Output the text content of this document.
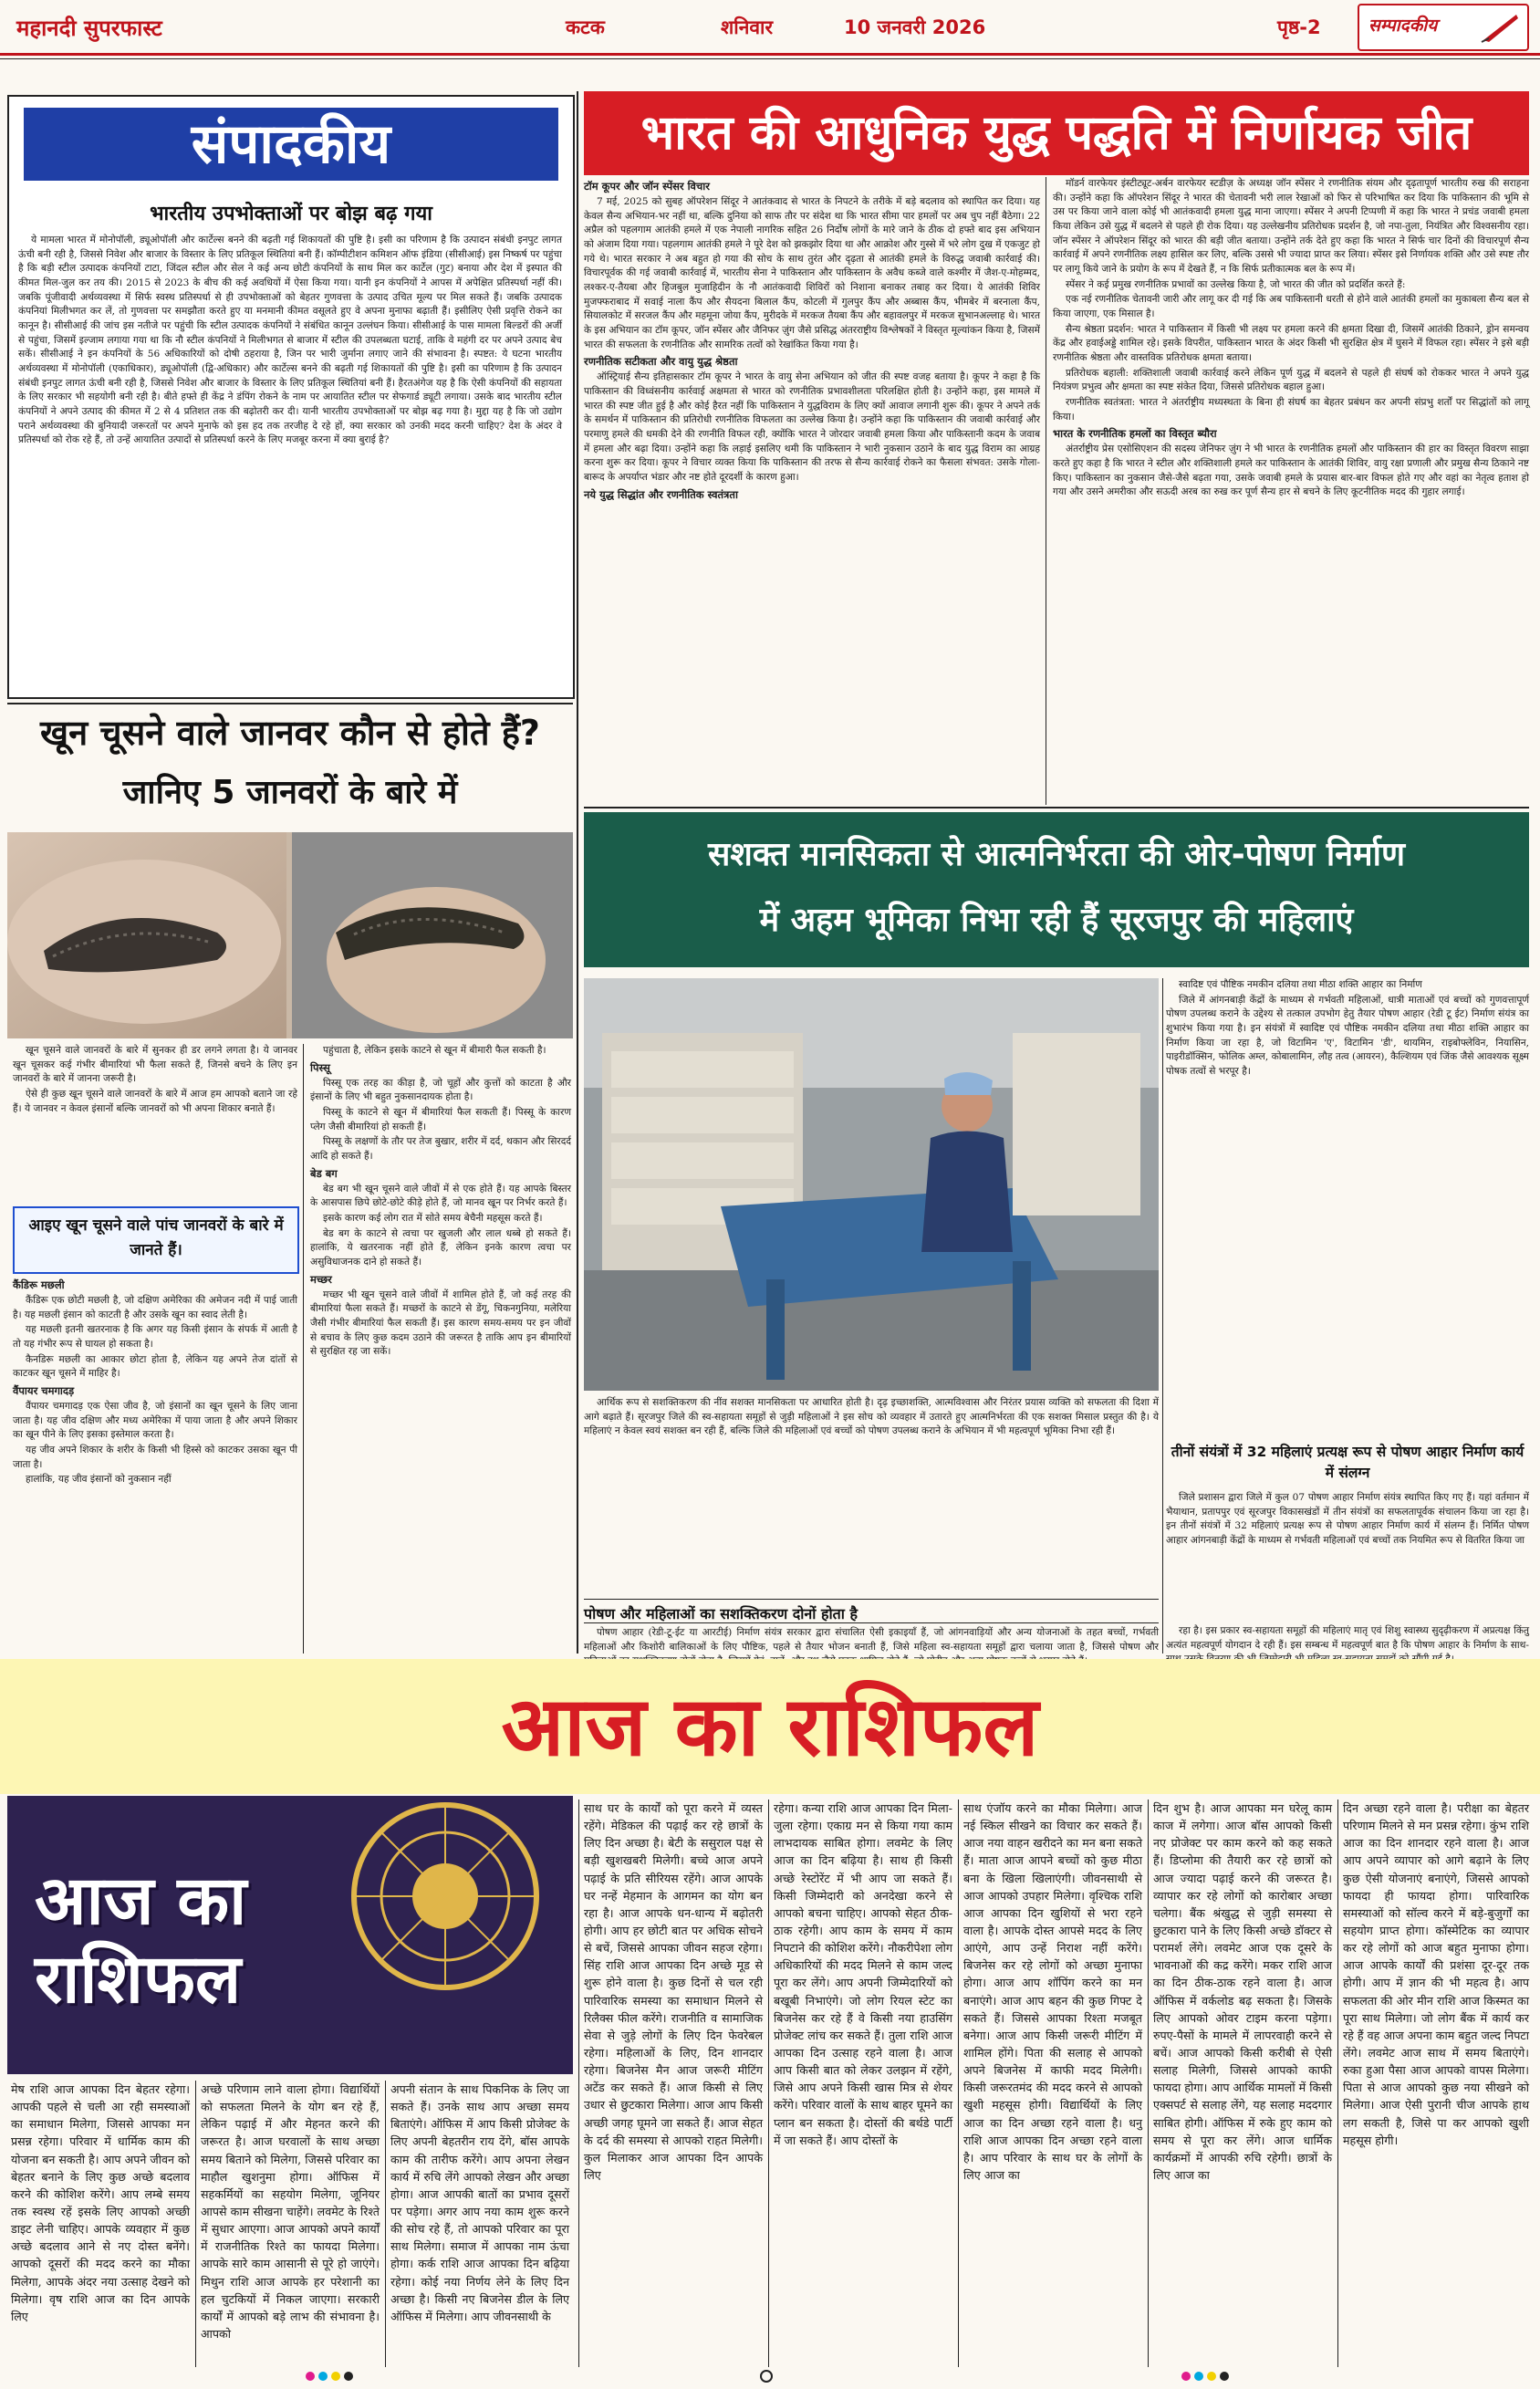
महानदी सुपरफास्ट	कटक	शनिवार	10 जनवरी 2026	पृष्ठ-2	सम्पादकीय
संपादकीय
भारतीय उपभोक्ताओं पर बोझ बढ़ गया

ये मामला भारत में मोनोपॉली, ड्यूओपॉली और कार्टेल्स बनने की बढ़ती गई शिकायतों की पुष्टि है। इसी का परिणाम है कि उत्पादन संबंधी इनपुट लागत ऊंची बनी रही है, जिससे निवेश और बाजार के विस्तार के लिए प्रतिकूल स्थितियां बनी हैं। कॉम्पीटीशन कमिशन ऑफ इंडिया (सीसीआई) इस निष्कर्ष पर पहुंचा है कि बड़ी स्टील उत्पादक कंपनियों टाटा, जिंदल स्टील और सेल ने कई अन्य छोटी कंपनियों के साथ मिल कर कार्टेल (गुट) बनाया और देश में इस्पात की कीमत मिल-जुल कर तय की। 2015 से 2023 के बीच की कई अवधियों में ऐसा किया गया। यानी इन कंपनियों ने आपस में अपेक्षित प्रतिस्पर्धा नहीं की। जबकि पूंजीवादी अर्थव्यवस्था में सिर्फ स्वस्थ प्रतिस्पर्धा से ही उपभोक्ताओं को बेहतर गुणवत्ता के उत्पाद उचित मूल्य पर मिल सकते हैं। जबकि उत्पादक कंपनियां मिलीभगत कर लें, तो गुणवत्ता पर समझौता करते हुए या मनमानी कीमत वसूलते हुए वे अपना मुनाफा बढ़ाती हैं। इसीलिए ऐसी प्रवृत्ति रोकने का कानून है। सीसीआई की जांच इस नतीजे पर पहुंची कि स्टील उत्पादक कंपनियों ने संबंधित कानून उल्लंघन किया। सीसीआई के पास मामला बिल्डरों की अर्जी से पहुंचा, जिसमें इल्जाम लगाया गया था कि नौ स्टील कंपनियों ने मिलीभगत से बाजार में स्टील की उपलब्धता घटाई, ताकि वे महंगी दर पर अपने उत्पाद बेच सकें। सीसीआई ने इन कंपनियों के 56 अधिकारियों को दोषी ठहराया है, जिन पर भारी जुर्माना लगाए जाने की संभावना है। स्पष्टत: ये घटना भारतीय अर्थव्यवस्था में मोनोपॉली (एकाधिकार), ड्यूओपॉली (द्वि-अधिकार) और कार्टेल्स बनने की बढ़ती गई शिकायतों की पुष्टि है। इसी का परिणाम है कि उत्पादन संबंधी इनपुट लागत ऊंची बनी रही है, जिससे निवेश और बाजार के विस्तार के लिए प्रतिकूल स्थितियां बनी हैं। हैरतअंगेज यह है कि ऐसी कंपनियों की सहायता के लिए सरकार भी सहयोगी बनी रही है। बीते हफ्ते ही केंद्र ने डंपिंग रोकने के नाम पर आयातित स्टील पर सेफगार्ड ड्यूटी लगाया। उसके बाद भारतीय स्टील कंपनियों ने अपने उत्पाद की कीमत में 2 से 4 प्रतिशत तक की बढ़ोतरी कर दी। यानी भारतीय उपभोक्ताओं पर बोझ बढ़ गया है। मुद्दा यह है कि जो उद्योग पराने अर्थव्यवस्था की बुनियादी जरूरतों पर अपने मुनाफे को इस हद तक तरजीह दे रहे हों, क्या सरकार को उनकी मदद करनी चाहिए? देश के अंदर वे प्रतिस्पर्धा को रोक रहे हैं, तो उन्हें आयातित उत्पादों से प्रतिस्पर्धा करने के लिए मजबूर करना में क्या बुराई है?

भारत की आधुनिक युद्ध पद्धति में निर्णायक जीत
टॉम कूपर और जॉन स्पेंसर विचार

7 मई, 2025 को सुबह ऑपरेशन सिंदूर ने आतंकवाद से भारत के निपटने के तरीके में बड़े बदलाव को स्थापित कर दिया। यह केवल सैन्य अभियान-भर नहीं था, बल्कि दुनिया को साफ तौर पर संदेश था कि भारत सीमा पार हमलों पर अब चुप नहीं बैठेगा। 22 अप्रैल को पहलगाम आतंकी हमले में एक नेपाली नागरिक सहित 26 निर्दोष लोगों के मारे जाने के ठीक दो हफ्ते बाद इस अभियान को अंजाम दिया गया। पहलगाम आतंकी हमले ने पूरे देश को झकझोर दिया था और आक्रोश और गुस्से में भरे लोग दुख में एकजुट हो गये थे। भारत सरकार ने अब बहुत हो गया की सोच के साथ तुरंत और दृढ़ता से आतंकी हमले के विरुद्ध जवाबी कार्रवाई की। विचारपूर्वक की गई जवाबी कार्रवाई में, भारतीय सेना ने पाकिस्तान और पाकिस्तान के अवैध कब्जे वाले कश्मीर में जैश-ए-मोहम्मद, लश्कर-ए-तैयबा और हिजबुल मुजाहिदीन के नौ आतंकवादी शिविरों को निशाना बनाकर तबाह कर दिया। ये आतंकी शिविर मुजफ्फराबाद में सवाई नाला कैंप और सैयदना बिलाल कैंप, कोटली में गुलपुर कैंप और अब्बास कैंप, भीमबेर में बरनाला कैंप, सियालकोट में सरजल कैंप और महमूना जोया कैंप, मुरीदके में मरकज तैयबा कैंप और बहावलपुर में मरकज सुभानअल्लाह थे। भारत के इस अभियान का टॉम कूपर, जॉन स्पेंसर और जैनिफर ज़ुंग जैसे प्रसिद्ध अंतरराष्ट्रीय विश्लेषकों ने विस्तृत मूल्यांकन किया है, जिसमें भारत की सफलता के रणनीतिक और सामरिक तत्वों को रेखांकित किया गया है।

रणनीतिक सटीकता और वायु युद्ध श्रेष्ठता

ऑस्ट्रियाई सैन्य इतिहासकार टॉम कूपर ने भारत के वायु सेना अभियान को जीत की स्पष्ट वजह बताया है। कूपर ने कहा है कि पाकिस्तान की विध्वंसनीय कार्रवाई अक्षमता से भारत को रणनीतिक प्रभावशीलता परिलक्षित होती है। उन्होंने कहा, इस मामले में भारत की स्पष्ट जीत हुई है और कोई हैरत नहीं कि पाकिस्तान ने युद्धविराम के लिए क्यों आवाज लगानी शुरू की। कूपर ने अपने तर्क के समर्थन में पाकिस्तान की प्रतिरोधी रणनीतिक विफलता का उल्लेख किया है। उन्होंने कहा कि पाकिस्तान की जवाबी कार्रवाई और परमाणु हमले की धमकी देने की रणनीति विफल रही, क्योंकि भारत ने जोरदार जवाबी हमला किया और पाकिस्तानी कदम के जवाब में हमला और बढ़ा दिया। उन्होंने कहा कि लड़ाई इसलिए थमी कि पाकिस्तान ने भारी नुकसान उठाने के बाद युद्ध विराम का आग्रह करना शुरू कर दिया। कूपर ने विचार व्यक्त किया कि पाकिस्तान की तरफ से सैन्य कार्रवाई रोकने का फैसला संभवत: उसके गोला-बारूद के अपर्याप्त भंडार और नष्ट होते दूरदर्शी के कारण हुआ।

नये युद्ध सिद्धांत और रणनीतिक स्वतंत्रता

मॉडर्न वारफेयर इंस्टीट्यूट-अर्बन वारफेयर स्टडीज़ के अध्यक्ष जॉन स्पेंसर ने रणनीतिक संयम और दृढ़तापूर्ण भारतीय रुख की सराहना की। उन्होंने कहा कि ऑपरेशन सिंदूर ने भारत की चेतावनी भरी लाल रेखाओं को फिर से परिभाषित कर दिया कि पाकिस्तान की भूमि से उस पर किया जाने वाला कोई भी आतंकवादी हमला युद्ध माना जाएगा। स्पेंसर ने अपनी टिप्पणी में कहा कि भारत ने प्रचंड जवाबी हमला किया लेकिन उसे युद्ध में बदलने से पहले ही रोक दिया। यह उल्लेखनीय प्रतिरोधक प्रदर्शन है, जो नपा-तुला, नियंत्रित और विश्वसनीय रहा। जॉन स्पेंसर ने ऑपरेशन सिंदूर को भारत की बड़ी जीत बताया। उन्होंने तर्क देते हुए कहा कि भारत ने सिर्फ चार दिनों की विचारपूर्ण सैन्य कार्रवाई में अपने रणनीतिक लक्ष्य हासिल कर लिए, बल्कि उससे भी ज्यादा प्राप्त कर लिया। स्पेंसर इसे निर्णायक शक्ति और उसे स्पष्ट तौर पर लागू किये जाने के प्रयोग के रूप में देखते हैं, न कि सिर्फ प्रतीकात्मक बल के रूप में।

स्पेंसर ने कई प्रमुख रणनीतिक प्रभावों का उल्लेख किया है, जो भारत की जीत को प्रदर्शित करते हैं:

एक नई रणनीतिक चेतावनी जारी और लागू कर दी गई कि अब पाकिस्तानी धरती से होने वाले आतंकी हमलों का मुकाबला सैन्य बल से किया जाएगा, एक मिसाल है।

सैन्य श्रेष्ठता प्रदर्शन: भारत ने पाकिस्तान में किसी भी लक्ष्य पर हमला करने की क्षमता दिखा दी, जिसमें आतंकी ठिकाने, ड्रोन समन्वय केंद्र और हवाईअड्डे शामिल रहे। इसके विपरीत, पाकिस्तान भारत के अंदर किसी भी सुरक्षित क्षेत्र में घुसने में विफल रहा। स्पेंसर ने इसे बड़ी रणनीतिक श्रेष्ठता और वास्तविक प्रतिरोधक क्षमता बताया।

प्रतिरोधक बहाली: शक्तिशाली जवाबी कार्रवाई करने लेकिन पूर्ण युद्ध में बदलने से पहले ही संघर्ष को रोककर भारत ने अपने युद्ध नियंत्रण प्रभुत्व और क्षमता का स्पष्ट संकेत दिया, जिससे प्रतिरोधक बहाल हुआ।

रणनीतिक स्वतंत्रता: भारत ने अंतर्राष्ट्रीय मध्यस्थता के बिना ही संघर्ष का बेहतर प्रबंधन कर अपनी संप्रभु शर्तों पर सिद्धांतों को लागू किया।

भारत के रणनीतिक हमलों का विस्तृत ब्यौरा

अंतर्राष्ट्रीय प्रेस एसोसिएशन की सदस्य जेनिफर ज़ुंग ने भी भारत के रणनीतिक हमलों और पाकिस्तान की हार का विस्तृत विवरण साझा करते हुए कहा है कि भारत ने स्टील और शक्तिशाली हमले कर पाकिस्तान के आतंकी शिविर, वायु रक्षा प्रणाली और प्रमुख सैन्य ठिकाने नष्ट किए। पाकिस्तान का नुकसान जैसे-जैसे बढ़ता गया, उसके जवाबी हमले के प्रयास बार-बार विफल होते गए और वहां का नेतृत्व हताश हो गया और उसने अमरीका और सऊदी अरब का रुख कर पूर्ण सैन्य हार से बचने के लिए कूटनीतिक मदद की गुहार लगाई।

खून चूसने वाले जानवर कौन से होते हैं?
जानिए 5 जानवरों के बारे में

खून चूसने वाले जानवरों के बारे में सुनकर ही डर लगने लगता है। ये जानवर खून चूसकर कई गंभीर बीमारियां भी फैला सकते हैं, जिनसे बचने के लिए इन जानवरों के बारे में जानना जरूरी है।

ऐसे ही कुछ खून चूसने वाले जानवरों के बारे में आज हम आपको बताने जा रहे हैं। ये जानवर न केवल इंसानों बल्कि जानवरों को भी अपना शिकार बनाते हैं।

आइए खून चूसने वाले पांच जानवरों के बारे में जानते हैं।
कैंडिरू मछली

कैंडिरू एक छोटी मछली है, जो दक्षिण अमेरिका की अमेजन नदी में पाई जाती है। यह मछली इंसान को काटती है और उसके खून का स्वाद लेती है।

यह मछली इतनी खतरनाक है कि अगर यह किसी इंसान के संपर्क में आती है तो यह गंभीर रूप से घायल हो सकता है।

कैनडिरू मछली का आकार छोटा होता है, लेकिन यह अपने तेज दांतों से काटकर खून चूसने में माहिर है।

वैंपायर चमगादड़

वैंपायर चमगादड़ एक ऐसा जीव है, जो इंसानों का खून चूसने के लिए जाना जाता है। यह जीव दक्षिण और मध्य अमेरिका में पाया जाता है और अपने शिकार का खून पीने के लिए इसका इस्तेमाल करता है।

यह जीव अपने शिकार के शरीर के किसी भी हिस्से को काटकर उसका खून पी जाता है।

हालांकि, यह जीव इंसानों को नुकसान नहीं

पहुंचाता है, लेकिन इसके काटने से खून में बीमारी फैल सकती है।

पिस्सू

पिस्सू एक तरह का कीड़ा है, जो चूहों और कुत्तों को काटता है और इंसानों के लिए भी बहुत नुकसानदायक होता है।

पिस्सू के काटने से खून में बीमारियां फैल सकती हैं। पिस्सू के कारण प्लेग जैसी बीमारियां हो सकती हैं।

पिस्सू के लक्षणों के तौर पर तेज बुखार, शरीर में दर्द, थकान और सिरदर्द आदि हो सकते हैं।

बेड बग

बेड बग भी खून चूसने वाले जीवों में से एक होते हैं। यह आपके बिस्तर के आसपास छिपे छोटे-छोटे कीड़े होते हैं, जो मानव खून पर निर्भर करते हैं।

इसके कारण कई लोग रात में सोते समय बेचैनी महसूस करते हैं।

बेड बग के काटने से त्वचा पर खुजली और लाल धब्बे हो सकते हैं। हालांकि, ये खतरनाक नहीं होते हैं, लेकिन इनके कारण त्वचा पर असुविधाजनक दाने हो सकते हैं।

मच्छर

मच्छर भी खून चूसने वाले जीवों में शामिल होते हैं, जो कई तरह की बीमारियां फैला सकते हैं। मच्छरों के काटने से डेंगू, चिकनगुनिया, मलेरिया जैसी गंभीर बीमारियां फैल सकती हैं। इस कारण समय-समय पर इन जीवों से बचाव के लिए कुछ कदम उठाने की जरूरत है ताकि आप इन बीमारियों से सुरक्षित रह जा सकें।

सशक्त मानसिकता से आत्मनिर्भरता की ओर-पोषण निर्माण
में अहम भूमिका निभा रही हैं सूरजपुर की महिलाएं

स्वादिष्ट एवं पौष्टिक नमकीन दलिया तथा मीठा शक्ति आहार का निर्माण

जिले में आंगनबाड़ी केंद्रों के माध्यम से गर्भवती महिलाओं, धात्री माताओं एवं बच्चों को गुणवत्तापूर्ण पोषण उपलब्ध कराने के उद्देश्य से तत्काल उपभोग हेतु तैयार पोषण आहार (रेडी टू ईट) निर्माण संयंत्र का शुभारंभ किया गया है। इन संयंत्रों में स्वादिष्ट एवं पौष्टिक नमकीन दलिया तथा मीठा शक्ति आहार का निर्माण किया जा रहा है, जो विटामिन 'ए', विटामिन 'डी', थायमिन, राइबोफ्लेविन, नियासिन, पाइरीडॉक्सिन, फोलिक अम्ल, कोबालामिन, लौह तत्व (आयरन), कैल्शियम एवं जिंक जैसे आवश्यक सूक्ष्म पोषक तत्वों से भरपूर है।

तीनों संयंत्रों में 32 महिलाएं प्रत्यक्ष रूप से पोषण आहार निर्माण कार्य में संलग्न

जिले प्रशासन द्वारा जिले में कुल 07 पोषण आहार निर्माण संयंत्र स्थापित किए गए हैं। यहां वर्तमान में भैयाथान, प्रतापपुर एवं सूरजपुर विकासखंडों में तीन संयंत्रों का सफलतापूर्वक संचालन किया जा रहा है। इन तीनों संयंत्रों में 32 महिलाएं प्रत्यक्ष रूप से पोषण आहार निर्माण कार्य में संलग्न हैं। निर्मित पोषण आहार आंगनबाड़ी केंद्रों के माध्यम से गर्भवती महिलाओं एवं बच्चों तक नियमित रूप से वितरित किया जा

आर्थिक रूप से सशक्तिकरण की नींव सशक्त मानसिकता पर आधारित होती है। दृढ़ इच्छाशक्ति, आत्मविश्वास और निरंतर प्रयास व्यक्ति को सफलता की दिशा में आगे बढ़ाते हैं। सूरजपुर जिले की स्व-सहायता समूहों से जुड़ी महिलाओं ने इस सोच को व्यवहार में उतारते हुए आत्मनिर्भरता की एक सशक्त मिसाल प्रस्तुत की है। ये महिलाएं न केवल स्वयं सशक्त बन रही हैं, बल्कि जिले की महिलाओं एवं बच्चों को पोषण उपलब्ध कराने के अभियान में भी महत्वपूर्ण भूमिका निभा रही हैं।

पोषण और महिलाओं का सशक्तिकरण दोनों होता है

पोषण आहार (रेडी-टू-ईट या आरटीई) निर्माण संयंत्र सरकार द्वारा संचालित ऐसी इकाइयाँ हैं, जो आंगनवाड़ियों और अन्य योजनाओं के तहत बच्चों, गर्भवती महिलाओं और किशोरी बालिकाओं के लिए पौष्टिक, पहले से तैयार भोजन बनाती हैं, जिसे महिला स्व-सहायता समूहों द्वारा चलाया जाता है, जिससे पोषण और

रहा है। इस प्रकार स्व-सहायता समूहों की महिलाएं मातृ एवं शिशु स्वास्थ्य सुदृढ़ीकरण में अप्रत्यक्ष किंतु अत्यंत महत्वपूर्ण योगदान दे रही हैं। इस सम्बन्ध में महत्वपूर्ण बात है कि पोषण आहार के निर्माण के साथ-

आज का राशिफल
आज का
राशिफल
मेष राशि आज आपका दिन बेहतर रहेगा। आपकी पहले से चली आ रही समस्याओं का समाधान मिलेगा, जिससे आपका मन प्रसन्न रहेगा। परिवार में धार्मिक काम की योजना बन सकती है। आप अपने जीवन को बेहतर बनाने के लिए कुछ अच्छे बदलाव करने की कोशिश करेंगे। आप लम्बे समय तक स्वस्थ रहें इसके लिए आपको अच्छी डाइट लेनी चाहिए। आपके व्यवहार में कुछ अच्छे बदलाव आने से नए दोस्त बनेंगे। आपको दूसरों की मदद करने का मौका मिलेगा, आपके अंदर नया उत्साह देखने को मिलेगा। वृष राशि आज का दिन आपके लिए
अच्छे परिणाम लाने वाला होगा। विद्यार्थियों को सफलता मिलने के योग बन रहे हैं, लेकिन पढ़ाई में और मेहनत करने की जरूरत है। आज घरवालों के साथ अच्छा समय बिताने को मिलेगा, जिससे परिवार का माहौल खुशनुमा होगा। ऑफिस में सहकर्मियों का सहयोग मिलेगा, जूनियर आपसे काम सीखना चाहेंगे। लवमेट के रिश्ते में सुधार आएगा। आज आपको अपने कार्यों में राजनीतिक रिश्ते का फायदा मिलेगा। आपके सारे काम आसानी से पूरे हो जाएंगे। मिथुन राशि आज आपके हर परेशानी का हल चुटकियों में निकल जाएगा। सरकारी कार्यों में आपको बड़े लाभ की संभावना है। आपको
अपनी संतान के साथ पिकनिक के लिए जा सकते हैं। उनके साथ आप अच्छा समय बिताएंगे। ऑफिस में आप किसी प्रोजेक्ट के लिए अपनी बेहतरीन राय देंगे, बॉस आपके काम की तारीफ करेंगे। आप अपना लेखन कार्य में रुचि लेंगे आपको लेखन और अच्छा होगा। आज आपकी बातों का प्रभाव दूसरों पर पड़ेगा। अगर आप नया काम शुरू करने की सोच रहे हैं, तो आपको परिवार का पूरा साथ मिलेगा। समाज में आपका नाम ऊंचा होगा। कर्क राशि आज आपका दिन बढ़िया रहेगा। कोई नया निर्णय लेने के लिए दिन अच्छा है। किसी नए बिजनेस डील के लिए ऑफिस में मिलेगा। आप जीवनसाथी के
साथ घर के कार्यों को पूरा करने में व्यस्त रहेंगे। मेडिकल की पढ़ाई कर रहे छात्रों के लिए दिन अच्छा है। बेटी के ससुराल पक्ष से बड़ी खुशखबरी मिलेगी। बच्चे आज अपने पढ़ाई के प्रति सीरियस रहेंगे। आज आपके घर नन्हें मेहमान के आगमन का योग बन रहा है। आज आपके धन-धान्य में बढ़ोतरी होगी। आप हर छोटी बात पर अधिक सोचने से बचें, जिससे आपका जीवन सहज रहेगा। सिंह राशि आज आपका दिन अच्छे मूड से शुरू होने वाला है। कुछ दिनों से चल रही पारिवारिक समस्या का समाधान मिलने से रिलैक्स फील करेंगे। राजनीति व सामाजिक सेवा से जुड़े लोगों के लिए दिन फेवरेबल रहेगा। महिलाओं के लिए, दिन शानदार रहेगा। बिजनेस मैन आज जरूरी मीटिंग अटेंड कर सकते हैं। आज किसी से लिए उधार से छुटकारा मिलेगा। आज आप किसी अच्छी जगह घूमने जा सकते हैं। आज सेहत के दर्द की समस्या से आपको राहत मिलेगी। कुल मिलाकर आज आपका दिन आपके लिए
रहेगा। कन्या राशि आज आपका दिन मिला-जुला रहेगा। एकाग्र मन से किया गया काम लाभदायक साबित होगा। लवमेट के लिए आज का दिन बढ़िया है। साथ ही किसी अच्छे रेस्टोरेंट में भी आप जा सकते हैं। किसी जिम्मेदारी को अनदेखा करने से आपको बचना चाहिए। आपको सेहत ठीक-ठाक रहेगी। आप काम के समय में काम निपटाने की कोशिश करेंगे। नौकरीपेशा लोग अधिकारियों की मदद मिलने से काम जल्द पूरा कर लेंगे। आप अपनी जिम्मेदारियों को बखूबी निभाएंगे। जो लोग रियल स्टेट का बिजनेस कर रहे हैं वे किसी नया हाउसिंग प्रोजेक्ट लांच कर सकते हैं। तुला राशि आज आपका दिन उत्साह रहने वाला है। आज आप किसी बात को लेकर उलझन में रहेंगे, जिसे आप अपने किसी खास मित्र से शेयर करेंगे। परिवार वालों के साथ बाहर घूमने का प्लान बन सकता है। दोस्तों की बर्थडे पार्टी में जा सकते हैं। आप दोस्तों के
साथ एंजॉय करने का मौका मिलेगा। आज नई स्किल सीखने का विचार कर सकते हैं। आज नया वाहन खरीदने का मन बना सकते हैं। माता आज आपने बच्चों को कुछ मीठा बना के खिला खिलाएंगी। जीवनसाथी से आज आपको उपहार मिलेगा। वृश्चिक राशि आज आपका दिन खुशियों से भरा रहने वाला है। आपके दोस्त आपसे मदद के लिए आएंगे, आप उन्हें निराश नहीं करेंगे। बिजनेस कर रहे लोगों को अच्छा मुनाफा होगा। आज आप शॉपिंग करने का मन बनाएंगे। आज आप बहन की कुछ गिफ्ट दे सकते हैं। जिससे आपका रिश्ता मजबूत बनेगा। आज आप किसी जरूरी मीटिंग में शामिल होंगे। पिता की सलाह से आपको अपने बिजनेस में काफी मदद मिलेगी। किसी जरूरतमंद की मदद करने से आपको खुशी महसूस होगी। विद्यार्थियों के लिए आज का दिन अच्छा रहने वाला है। धनु राशि आज आपका दिन अच्छा रहने वाला है। आप परिवार के साथ घर के लोगों के लिए आज का
दिन शुभ है। आज आपका मन घरेलू काम काज में लगेगा। आज बॉस आपको किसी नए प्रोजेक्ट पर काम करने को कह सकते हैं। डिप्लोमा की तैयारी कर रहे छात्रों को आज ज्यादा पढ़ाई करने की जरूरत है। व्यापार कर रहे लोगों को कारोबार अच्छा चलेगा। बैंक श्रंखुद्ध से जुड़ी समस्या से छुटकारा पाने के लिए किसी अच्छे डॉक्टर से परामर्श लेंगे। लवमेट आज एक दूसरे के भावनाओं की कद्र करेंगे। मकर राशि आज का दिन ठीक-ठाक रहने वाला है। आज ऑफिस में वर्कलोड बढ़ सकता है। जिसके लिए आपको ओवर टाइम करना पड़ेगा। रुपए-पैसों के मामले में लापरवाही करने से बचें। आज आपको किसी करीबी से ऐसी सलाह मिलेगी, जिससे आपको काफी फायदा होगा। आप आर्थिक मामलों में किसी एक्सपर्ट से सलाह लेंगे, यह सलाह मददगार साबित होगी। ऑफिस में रुके हुए काम को समय से पूरा कर लेंगे। आज धार्मिक कार्यक्रमों में आपकी रुचि रहेगी। छात्रों के लिए आज का
दिन अच्छा रहने वाला है। परीक्षा का बेहतर परिणाम मिलने से मन प्रसन्न रहेगा। कुंभ राशि आज का दिन शानदार रहने वाला है। आज आप अपने व्यापार को आगे बढ़ाने के लिए कुछ ऐसी योजनाएं बनाएंगे, जिससे आपको फायदा ही फायदा होगा। पारिवारिक समस्याओं को सॉल्व करने में बड़े-बुजुर्गों का सहयोग प्राप्त होगा। कॉस्मेटिक का व्यापार कर रहे लोगों को आज बहुत मुनाफा होगा। आज आपके कार्यों की प्रशंसा दूर-दूर तक होगी। आप में ज्ञान की भी महत्व है। आप सफलता की ओर मीन राशि आज किस्मत का पूरा साथ मिलेगा। जो लोग बैंक में कार्य कर रहे हैं वह आज अपना काम बहुत जल्द निपटा लेंगे। लवमेट आज साथ में समय बिताएंगे। रुका हुआ पैसा आज आपको वापस मिलेगा। पिता से आज आपको कुछ नया सीखने को मिलेगा। आज ऐसी पुरानी चीज आपके हाथ लग सकती है, जिसे पा कर आपको खुशी महसूस होगी।
